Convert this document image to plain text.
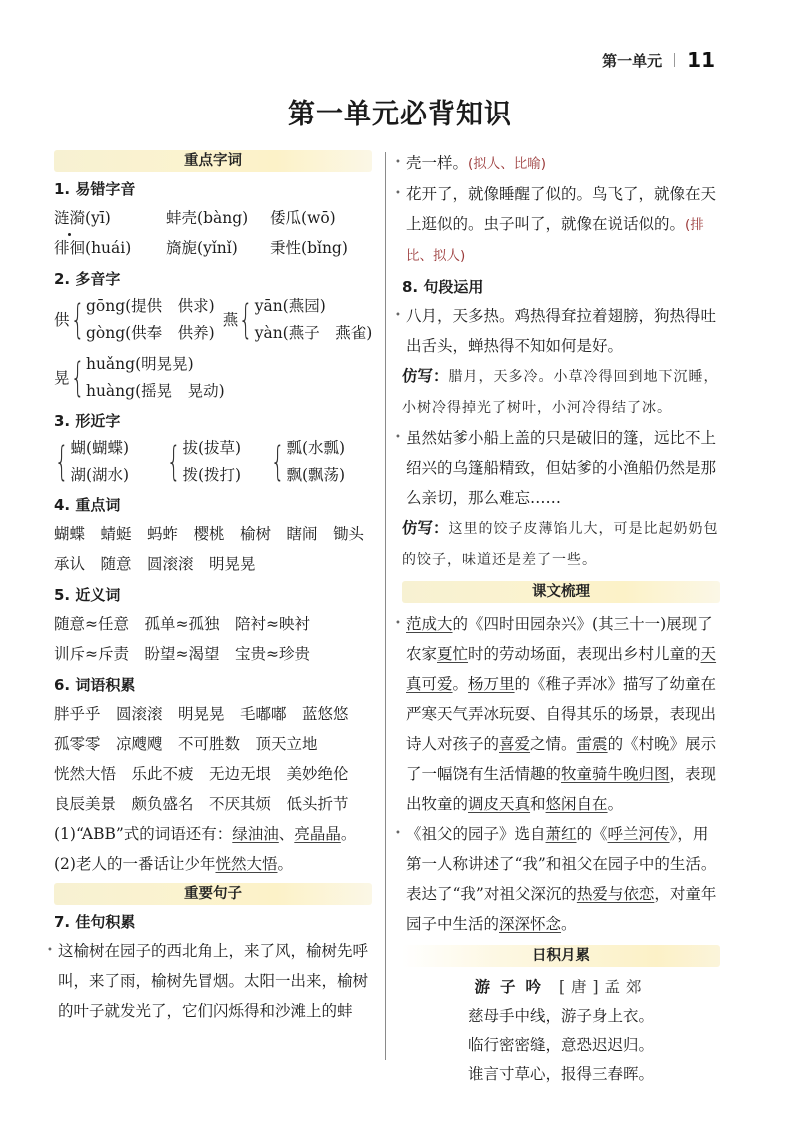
第一单元 11
第一单元必背知识
重点字词
1. 易错字音
涟漪(yī)	蚌壳(bàng) 倭瓜(wō)
徘徊(huái) 旖旎(yǐnǐ) 秉性(bǐng)
2. 多音字
供 { gōng(提供　供求)
gòng(供奉　供养)
燕 { yān(燕园)
yàn(燕子　燕雀)
晃 { huǎng(明晃晃)
huàng(摇晃　晃动)
3. 形近字
{ 蝴(蝴蝶)
湖(湖水) { 拔(拔草)
拨(拨打) { 瓢(水瓢)
飘(飘荡)
4. 重点词
蝴蝶　蜻蜓　蚂蚱　樱桃　榆树　瞎闹　锄头
承认　随意　圆滚滚　明晃晃
5. 近义词
随意≈任意　孤单≈孤独　陪衬≈映衬
训斥≈斥责　盼望≈渴望　宝贵≈珍贵
6. 词语积累
胖乎乎　圆滚滚　明晃晃　毛嘟嘟　蓝悠悠
孤零零　凉飕飕　不可胜数　顶天立地
恍然大悟　乐此不疲　无边无垠　美妙绝伦
良辰美景　颇负盛名　不厌其烦　低头折节
(1)“ABB”式的词语还有：绿油油、亮晶晶。
(2)老人的一番话让少年恍然大悟。
重要句子
7. 佳句积累
• 这榆树在园子的西北角上，来了风，榆树先呼叫，来了雨，榆树先冒烟。太阳一出来，榆树的叶子就发光了，它们闪烁得和沙滩上的蚌
• 壳一样。(拟人、比喻)
• 花开了，就像睡醒了似的。鸟飞了，就像在天上逛似的。虫子叫了，就像在说话似的。(排比、拟人)
8. 句段运用
• 八月，天多热。鸡热得耷拉着翅膀，狗热得吐出舌头，蝉热得不知如何是好。
仿写：腊月，天多冷。小草冷得回到地下沉睡，小树冷得掉光了树叶，小河冷得结了冰。
• 虽然姑爹小船上盖的只是破旧的篷，远比不上绍兴的乌篷船精致，但姑爹的小渔船仍然是那么亲切，那么难忘……
仿写：这里的饺子皮薄馅儿大，可是比起奶奶包的饺子，味道还是差了一些。
课文梳理
• 范成大的《四时田园杂兴》(其三十一)展现了农家夏忙时的劳动场面，表现出乡村儿童的天真可爱。杨万里的《稚子弄冰》描写了幼童在严寒天气弄冰玩耍、自得其乐的场景，表现出诗人对孩子的喜爱之情。雷震的《村晚》展示了一幅饶有生活情趣的牧童骑牛晚归图，表现出牧童的调皮天真和悠闲自在。
• 《祖父的园子》选自萧红的《呼兰河传》，用第一人称讲述了“我”和祖父在园子中的生活。表达了“我”对祖父深沉的热爱与依恋，对童年园子中生活的深深怀念。
日积月累
游子吟 [唐]孟郊
慈母手中线，游子身上衣。
临行密密缝，意恐迟迟归。
谁言寸草心，报得三春晖。
